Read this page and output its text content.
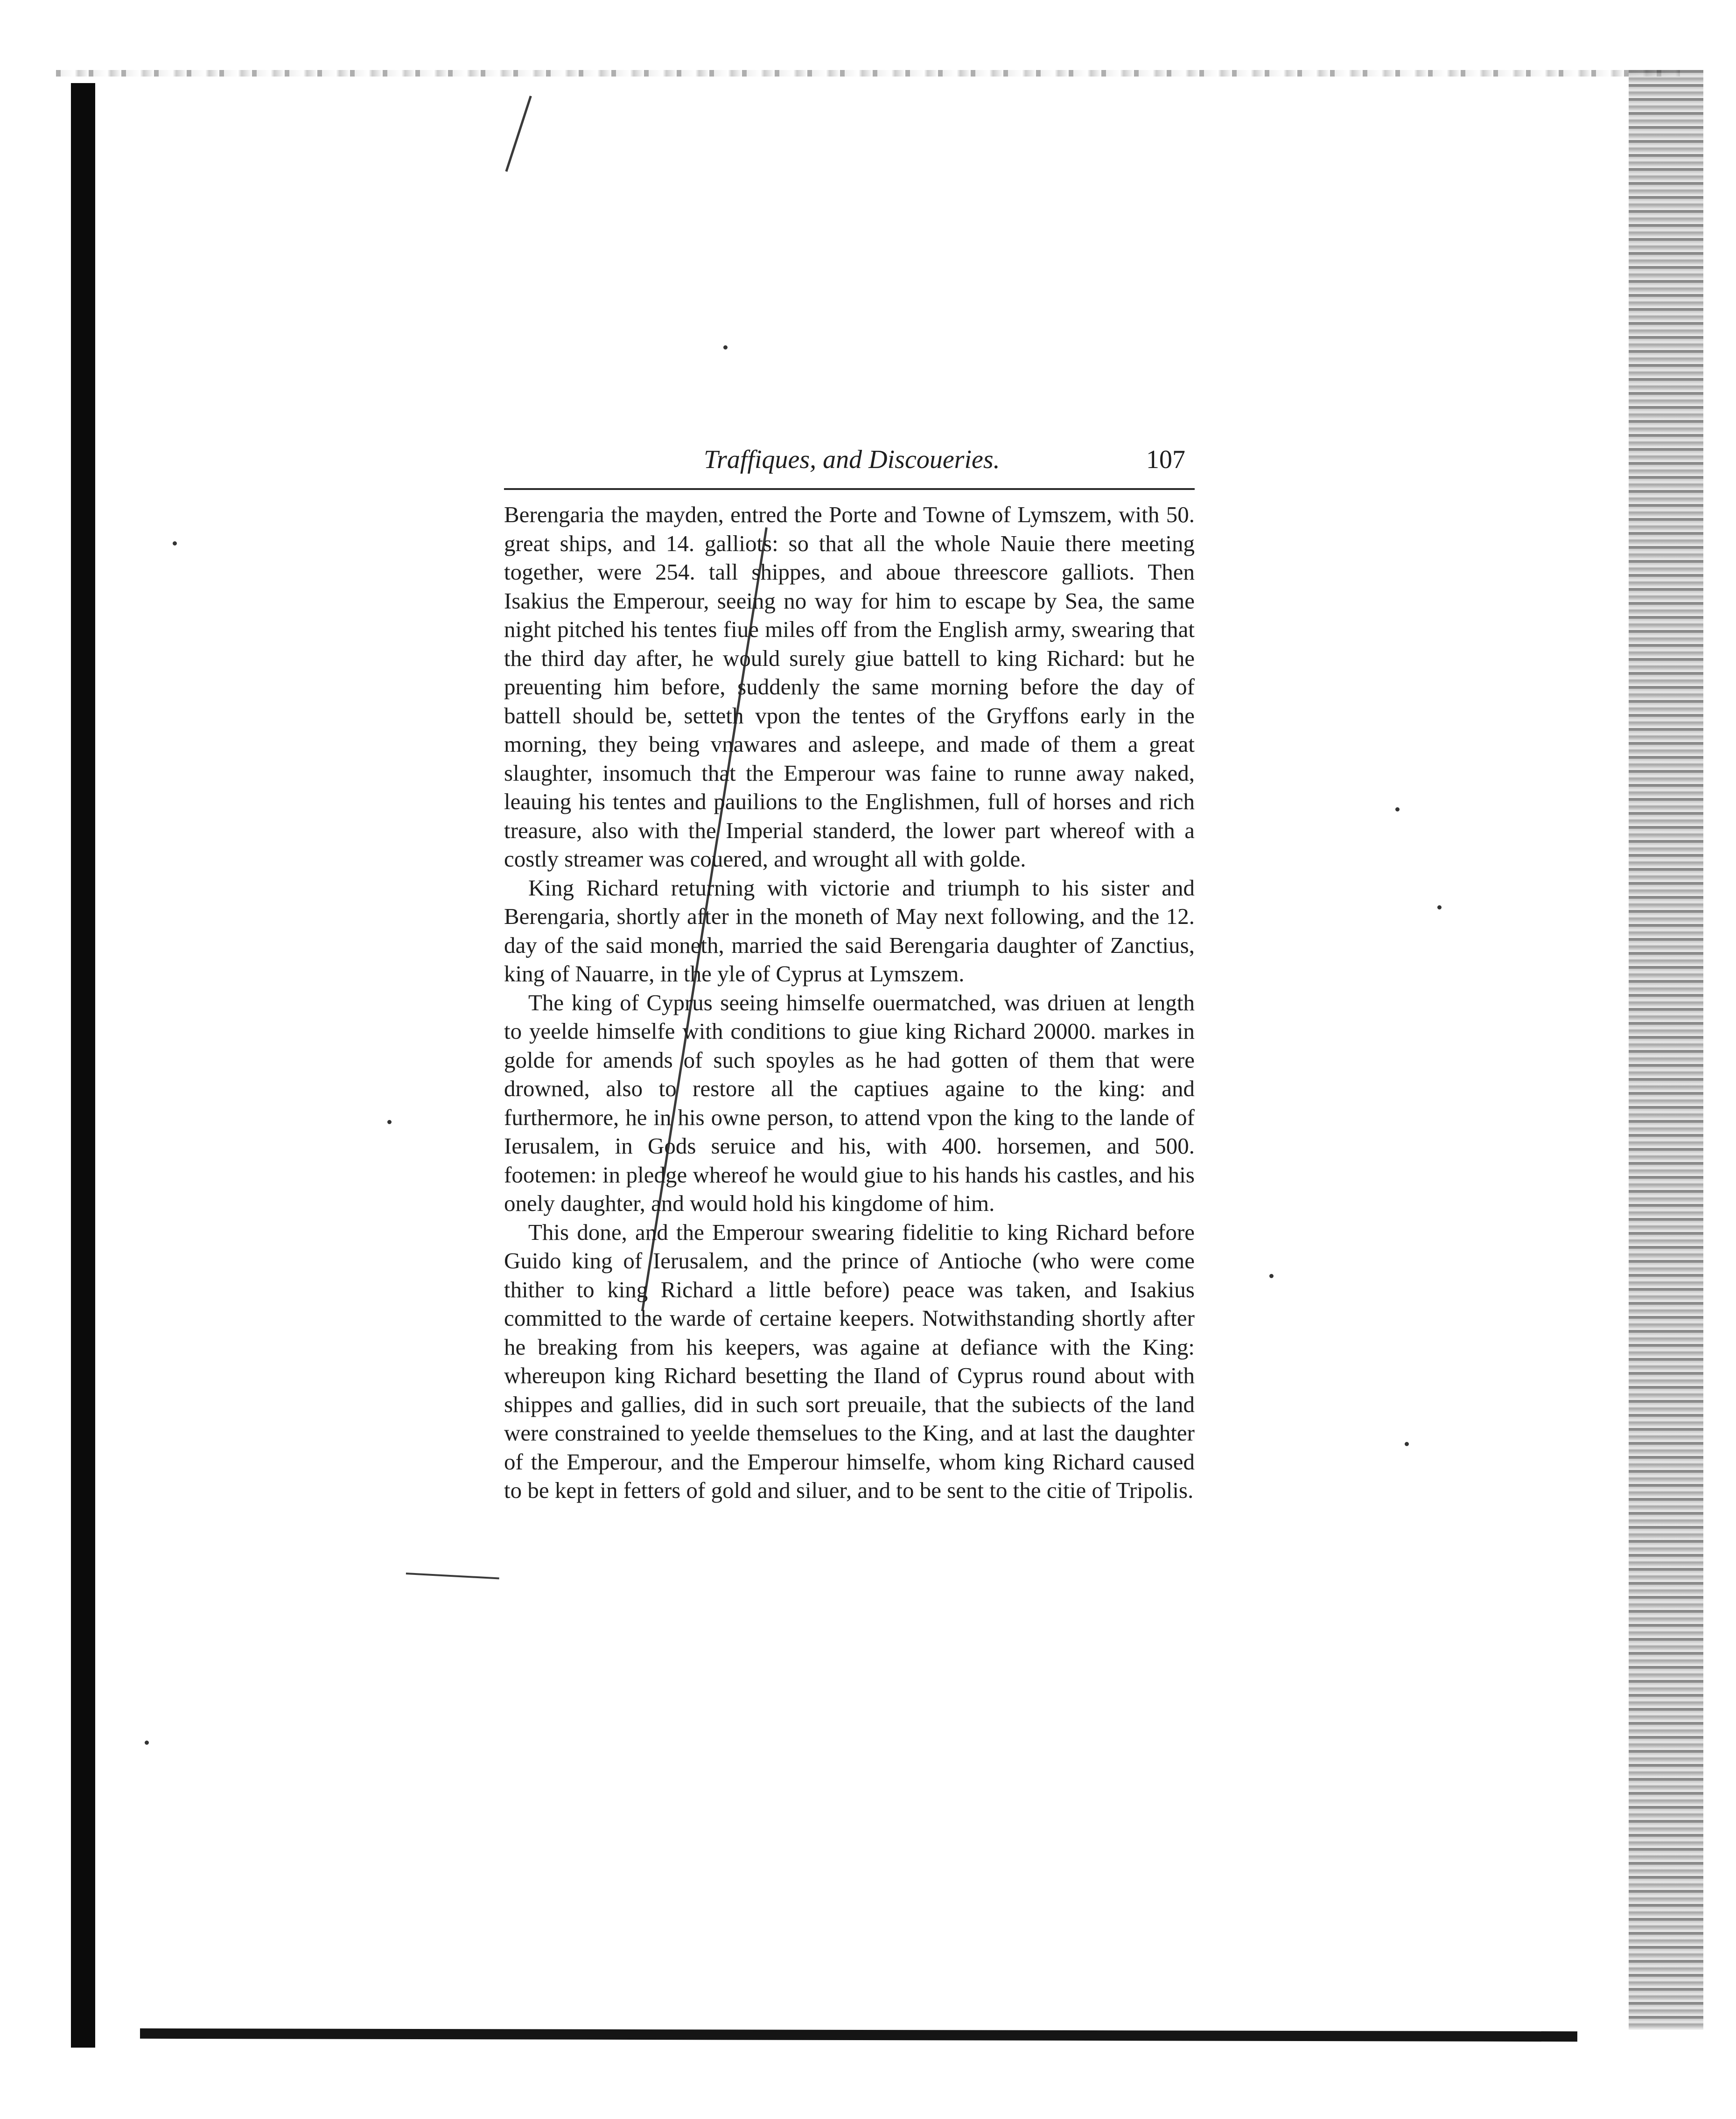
Traffiques, and Discoueries.	107

Berengaria the mayden, entred the Porte and Towne of Lymszem, with 50. great ships, and 14. galliots: so that all the whole Nauie there meeting together, were 254. tall shippes, and aboue threescore galliots. Then Isakius the Emperour, seeing no way for him to escape by Sea, the same night pitched his tentes fiue miles off from the English army, swearing that the third day after, he would surely giue battell to king Richard: but he preuenting him before, suddenly the same morning before the day of battell should be, setteth vpon the tentes of the Gryffons early in the morning, they being vnawares and asleepe, and made of them a great slaughter, insomuch that the Emperour was faine to runne away naked, leauing his tentes and pauilions to the Englishmen, full of horses and rich treasure, also with the Imperial standerd, the lower part whereof with a costly streamer was couered, and wrought all with golde.

King Richard returning with victorie and triumph to his sister and Berengaria, shortly after in the moneth of May next following, and the 12. day of the said moneth, married the said Berengaria daughter of Zanctius, king of Nauarre, in the yle of Cyprus at Lymszem.

The king of Cyprus seeing himselfe ouermatched, was driuen at length to yeelde himselfe with conditions to giue king Richard 20000. markes in golde for amends of such spoyles as he had gotten of them that were drowned, also to restore all the captiues againe to the king: and furthermore, he in his owne person, to attend vpon the king to the lande of Ierusalem, in Gods seruice and his, with 400. horsemen, and 500. footemen: in pledge whereof he would giue to his hands his castles, and his onely daughter, and would hold his kingdome of him.

This done, and the Emperour swearing fidelitie to king Richard before Guido king of Ierusalem, and the prince of Antioche (who were come thither to king Richard a little before) peace was taken, and Isakius committed to the warde of certaine keepers. Notwithstanding shortly after he breaking from his keepers, was againe at defiance with the King: whereupon king Richard besetting the Iland of Cyprus round about with shippes and gallies, did in such sort preuaile, that the subiects of the land were constrained to yeelde themselues to the King, and at last the daughter of the Emperour, and the Emperour himselfe, whom king Richard caused to be kept in fetters of gold and siluer, and to be sent to the citie of Tripolis.
